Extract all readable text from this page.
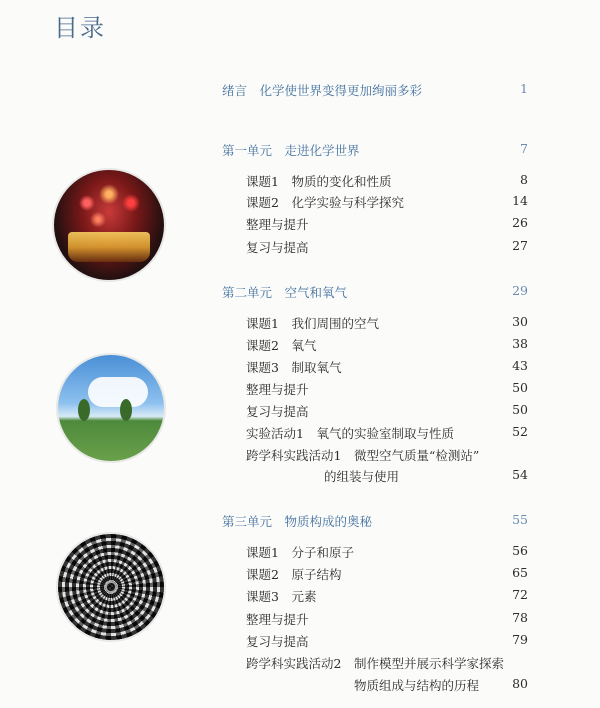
目录
绪言　化学使世界变得更加绚丽多彩	1
第一单元　走进化学世界	7
课题1　物质的变化和性质	8
课题2　化学实验与科学探究	14
整理与提升	26
复习与提高	27
第二单元　空气和氧气	29
课题1　我们周围的空气	30
课题2　氧气	38
课题3　制取氧气	43
整理与提升	50
复习与提高	50
实验活动1　氧气的实验室制取与性质	52
跨学科实践活动1　微型空气质量“检测站”
的组装与使用	54
第三单元　物质构成的奥秘	55
课题1　分子和原子	56
课题2　原子结构	65
课题3　元素	72
整理与提升	78
复习与提高	79
跨学科实践活动2　制作模型并展示科学家探索
物质组成与结构的历程	80
